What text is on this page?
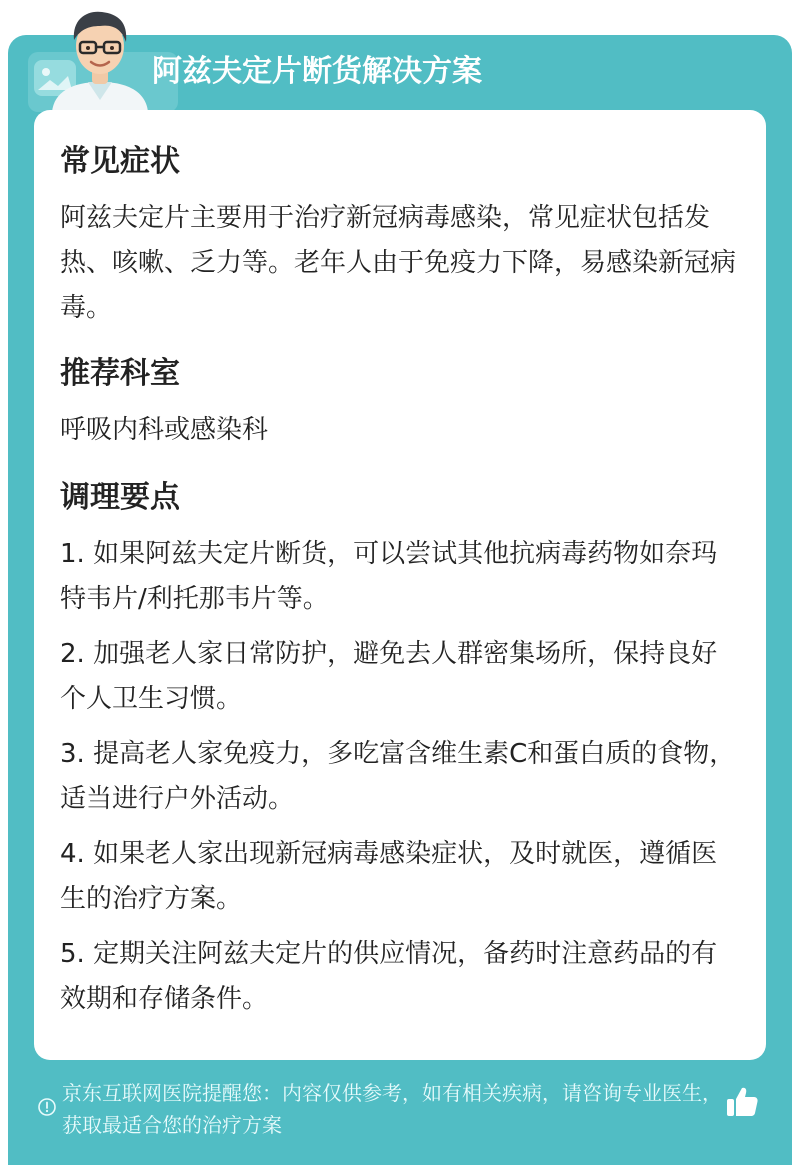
阿兹夫定片断货解决方案
常见症状
阿兹夫定片主要用于治疗新冠病毒感染，常见症状包括发热、咳嗽、乏力等。老年人由于免疫力下降，易感染新冠病毒。
推荐科室
呼吸内科或感染科
调理要点
1. 如果阿兹夫定片断货，可以尝试其他抗病毒药物如奈玛特韦片/利托那韦片等。
2. 加强老人家日常防护，避免去人群密集场所，保持良好个人卫生习惯。
3. 提高老人家免疫力，多吃富含维生素C和蛋白质的食物，适当进行户外活动。
4. 如果老人家出现新冠病毒感染症状，及时就医，遵循医生的治疗方案。
5. 定期关注阿兹夫定片的供应情况，备药时注意药品的有效期和存储条件。
京东互联网医院提醒您：内容仅供参考，如有相关疾病，请咨询专业医生，获取最适合您的治疗方案
